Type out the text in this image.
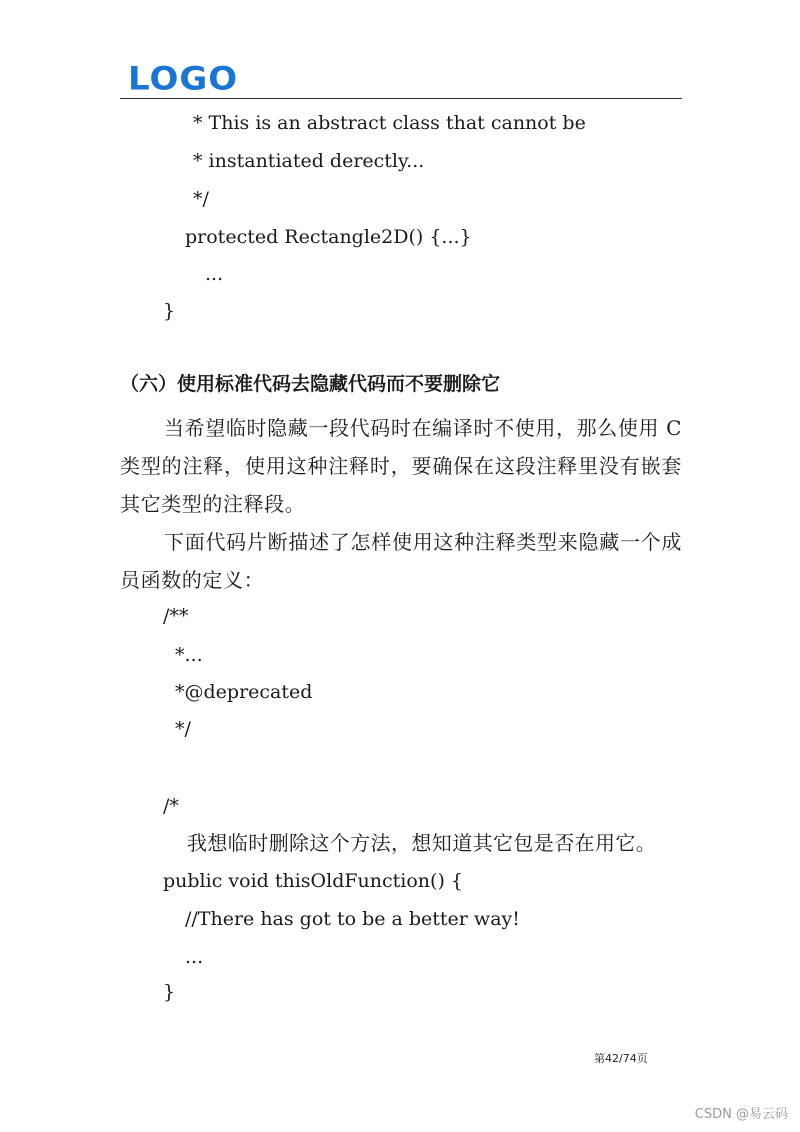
LOGO
* This is an abstract class that cannot be
* instantiated derectly...
*/
protected Rectangle2D() {...}
...
}
（六）使用标准代码去隐藏代码而不要删除它
当希望临时隐藏一段代码时在编译时不使用，那么使用 C 类型的注释，使用这种注释时，要确保在这段注释里没有嵌套其它类型的注释段。
下面代码片断描述了怎样使用这种注释类型来隐藏一个成员函数的定义：
/**
*...
*@deprecated
*/
/*
我想临时删除这个方法，想知道其它包是否在用它。
public void thisOldFunction() {
//There has got to be a better way!
...
}
第42/74页
CSDN @易云码
